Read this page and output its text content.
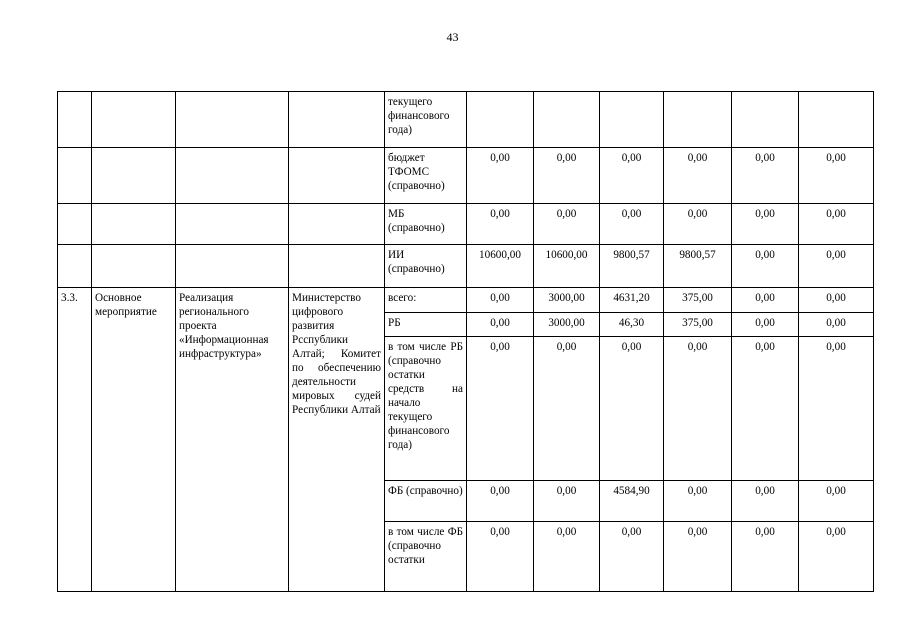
43
				текущего финансового года)						
				бюджет ТФОМС (справочно)	0,00	0,00	0,00	0,00	0,00	0,00
				МБ (справочно)	0,00	0,00	0,00	0,00	0,00	0,00
				ИИ (справочно)	10600,00	10600,00	9800,57	9800,57	0,00	0,00
3.3.	Основное мероприятие	Реализация регионального проекта «Информационная инфраструктура»	Министерство цифрового развития Рсспублики Алтай; Комитет по обеспечению деятельности мировых судей Республики Алтай	всего:	0,00	3000,00	4631,20	375,00	0,00	0,00
				РБ	0,00	3000,00	46,30	375,00	0,00	0,00
				в том числе РБ (справочно остатки средств на начало текущего финансового года)	0,00	0,00	0,00	0,00	0,00	0,00
				ФБ (справочно)	0,00	0,00	4584,90	0,00	0,00	0,00
				в том числе ФБ (справочно остатки	0,00	0,00	0,00	0,00	0,00	0,00
